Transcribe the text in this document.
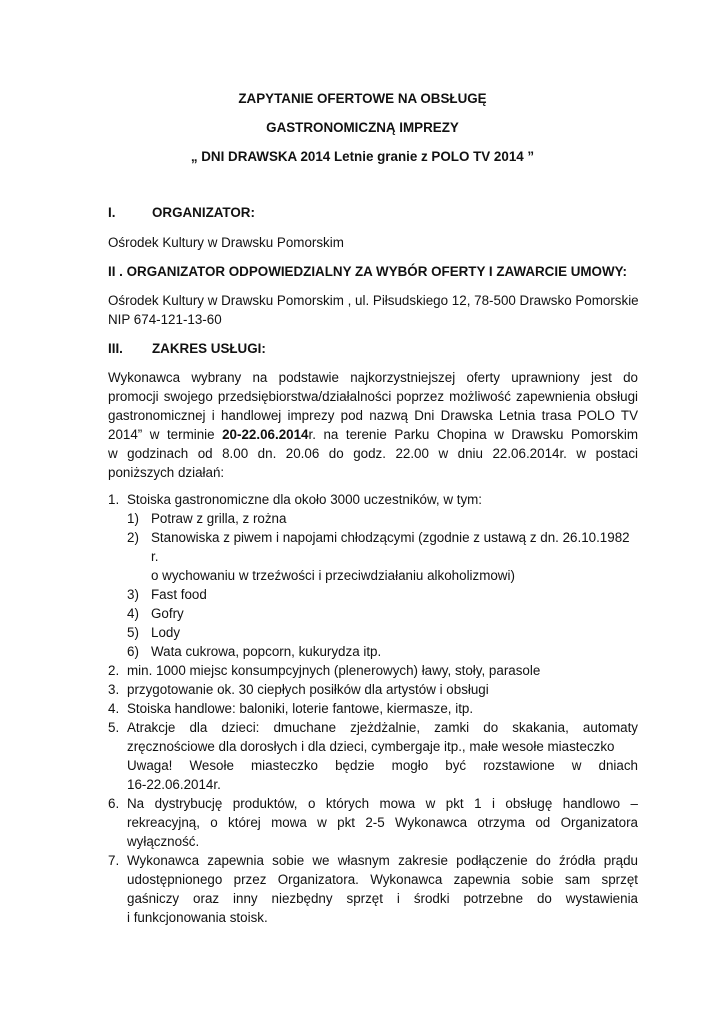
ZAPYTANIE OFERTOWE NA OBSŁUGĘ
GASTRONOMICZNĄ IMPREZY
„ DNI DRAWSKA 2014 Letnie granie z POLO TV 2014 ”
I.	ORGANIZATOR:
Ośrodek Kultury w Drawsku Pomorskim
II . ORGANIZATOR ODPOWIEDZIALNY ZA WYBÓR OFERTY I ZAWARCIE UMOWY:
Ośrodek Kultury w Drawsku Pomorskim , ul. Piłsudskiego 12, 78-500 Drawsko Pomorskie
NIP 674-121-13-60
III. ZAKRES USŁUGI:
Wykonawca wybrany na podstawie najkorzystniejszej oferty uprawniony jest do
promocji swojego przedsiębiorstwa/działalności poprzez możliwość zapewnienia obsługi
gastronomicznej i handlowej imprezy pod nazwą Dni Drawska Letnia trasa POLO TV
2014” w terminie 20-22.06.2014r. na terenie Parku Chopina w Drawsku Pomorskim
w godzinach od 8.00 dn. 20.06 do godz. 22.00 w dniu 22.06.2014r. w postaci
poniższych działań:
1. Stoiska gastronomiczne dla około 3000 uczestników, w tym:
1) Potraw z grilla, z rożna
2) Stanowiska z piwem i napojami chłodzącymi (zgodnie z ustawą z dn. 26.10.1982 r.
o wychowaniu w trzeźwości i przeciwdziałaniu alkoholizmowi)
3) Fast food
4) Gofry
5) Lody
6) Wata cukrowa, popcorn, kukurydza itp.
2. min. 1000 miejsc konsumpcyjnych (plenerowych) ławy, stoły, parasole
3. przygotowanie ok. 30 ciepłych posiłków dla artystów i obsługi
4. Stoiska handlowe: baloniki, loterie fantowe, kiermasze, itp.
5. Atrakcje dla dzieci: dmuchane zjeżdżalnie, zamki do skakania, automaty
zręcznościowe dla dorosłych i dla dzieci, cymbergaje itp., małe wesołe miasteczko
Uwaga! Wesołe miasteczko będzie mogło być rozstawione w dniach
16-22.06.2014r.
6. Na dystrybucję produktów, o których mowa w pkt 1 i obsługę handlowo –
rekreacyjną, o której mowa w pkt 2-5 Wykonawca otrzyma od Organizatora
wyłączność.
7. Wykonawca zapewnia sobie we własnym zakresie podłączenie do źródła prądu
udostępnionego przez Organizatora. Wykonawca zapewnia sobie sam sprzęt
gaśniczy oraz inny niezbędny sprzęt i środki potrzebne do wystawienia
i funkcjonowania stoisk.
